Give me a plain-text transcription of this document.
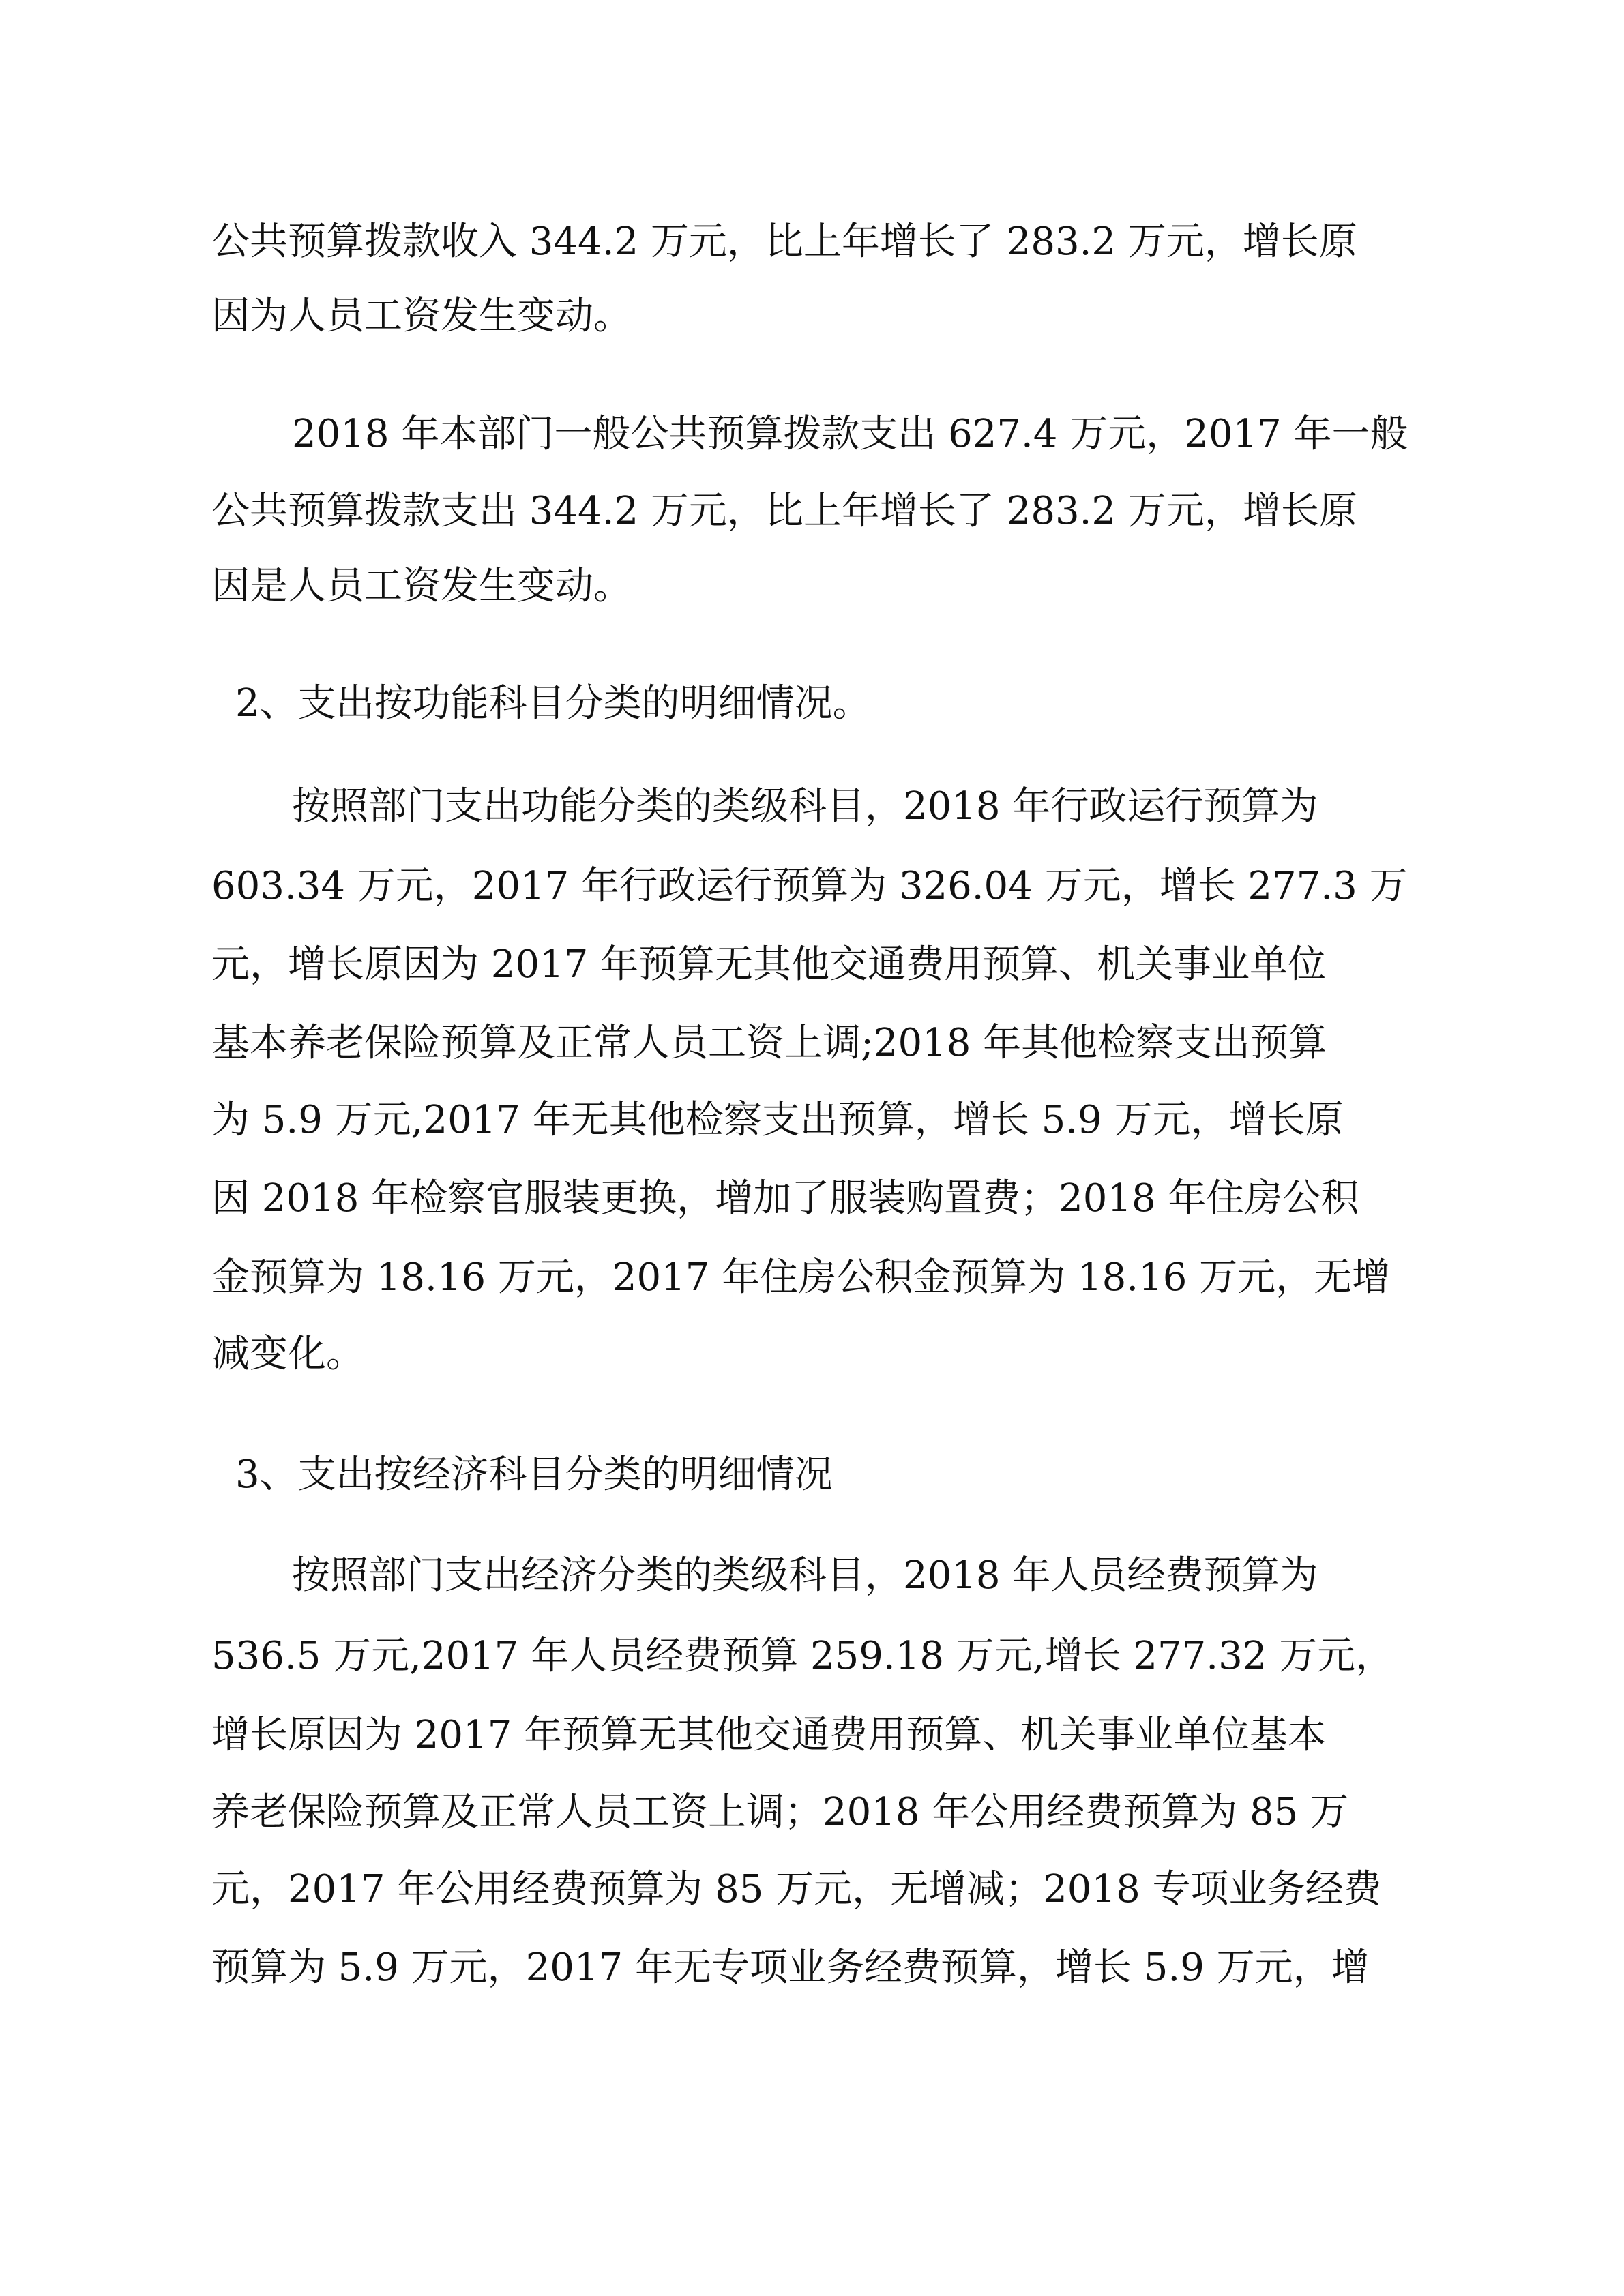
公共预算拨款收入 344.2 万元，比上年增长了 283.2 万元，增长原

因为人员工资发生变动。

2018 年本部门一般公共预算拨款支出 627.4 万元，2017 年一般

公共预算拨款支出 344.2 万元，比上年增长了 283.2 万元，增长原

因是人员工资发生变动。

2、支出按功能科目分类的明细情况。

按照部门支出功能分类的类级科目，2018 年行政运行预算为

603.34 万元，2017 年行政运行预算为 326.04 万元，增长 277.3 万

元，增长原因为 2017 年预算无其他交通费用预算、机关事业单位

基本养老保险预算及正常人员工资上调;2018 年其他检察支出预算

为 5.9 万元,2017 年无其他检察支出预算，增长 5.9 万元，增长原

因 2018 年检察官服装更换，增加了服装购置费；2018 年住房公积

金预算为 18.16 万元，2017 年住房公积金预算为 18.16 万元，无增

减变化。

3、支出按经济科目分类的明细情况

按照部门支出经济分类的类级科目，2018 年人员经费预算为

536.5 万元,2017 年人员经费预算 259.18 万元,增长 277.32 万元，

增长原因为 2017 年预算无其他交通费用预算、机关事业单位基本

养老保险预算及正常人员工资上调；2018 年公用经费预算为 85 万

元，2017 年公用经费预算为 85 万元，无增减；2018 专项业务经费

预算为 5.9 万元，2017 年无专项业务经费预算，增长 5.9 万元，增
